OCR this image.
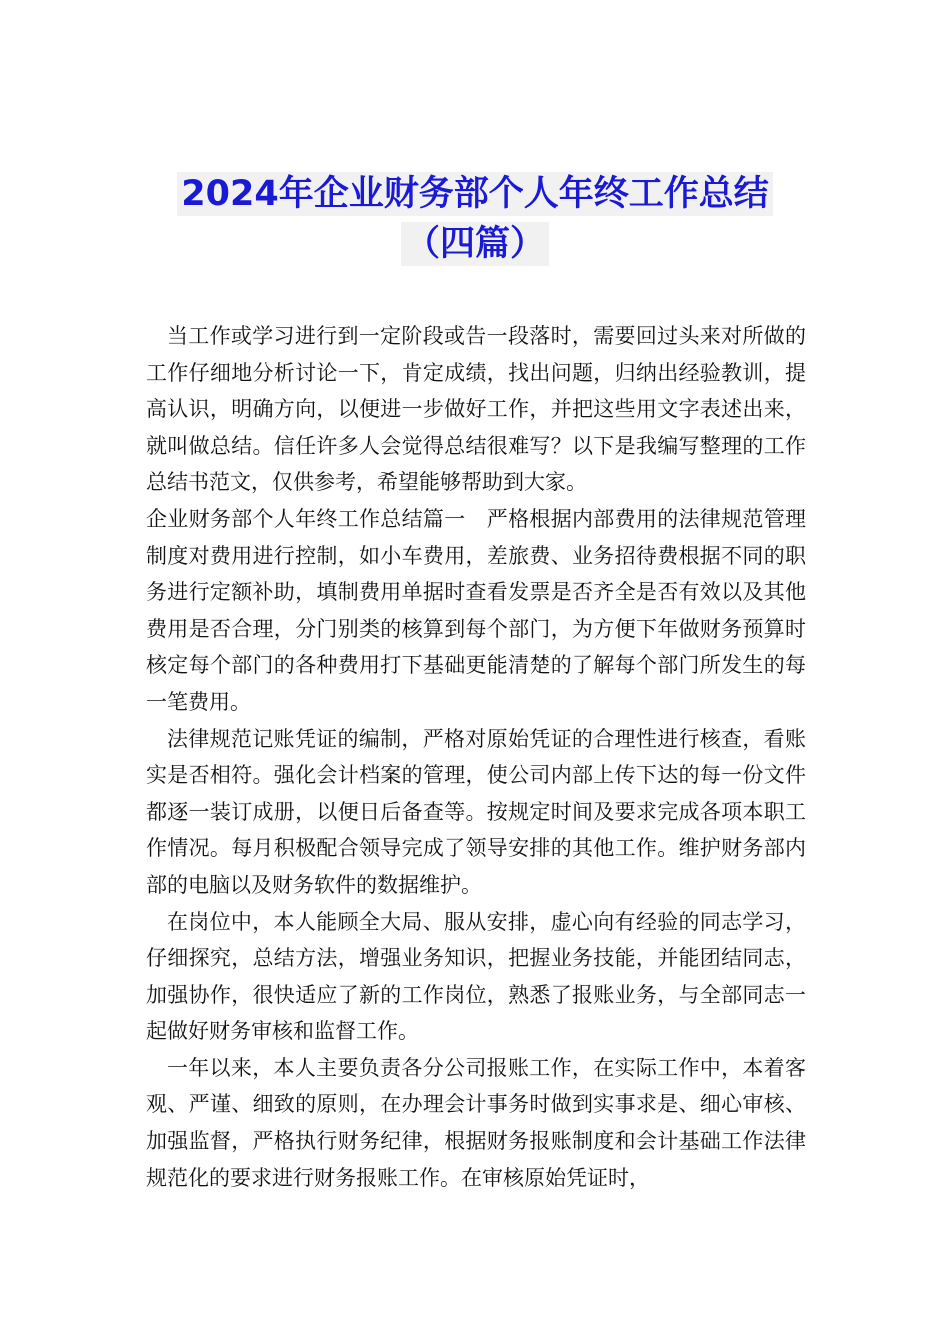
2024年企业财务部个人年终工作总结
（四篇）

当工作或学习进行到一定阶段或告一段落时，需要回过头来对所做的工作仔细地分析讨论一下，肯定成绩，找出问题，归纳出经验教训，提高认识，明确方向，以便进一步做好工作，并把这些用文字表述出来，就叫做总结。信任许多人会觉得总结很难写？以下是我编写整理的工作总结书范文，仅供参考，希望能够帮助到大家。

企业财务部个人年终工作总结篇一　严格根据内部费用的法律规范管理制度对费用进行控制，如小车费用，差旅费、业务招待费根据不同的职务进行定额补助，填制费用单据时查看发票是否齐全是否有效以及其他费用是否合理，分门别类的核算到每个部门，为方便下年做财务预算时核定每个部门的各种费用打下基础更能清楚的了解每个部门所发生的每一笔费用。

法律规范记账凭证的编制，严格对原始凭证的合理性进行核查，看账实是否相符。强化会计档案的管理，使公司内部上传下达的每一份文件都逐一装订成册，以便日后备查等。按规定时间及要求完成各项本职工作情况。每月积极配合领导完成了领导安排的其他工作。维护财务部内部的电脑以及财务软件的数据维护。

在岗位中，本人能顾全大局、服从安排，虚心向有经验的同志学习，仔细探究，总结方法，增强业务知识，把握业务技能，并能团结同志，加强协作，很快适应了新的工作岗位，熟悉了报账业务，与全部同志一起做好财务审核和监督工作。

一年以来，本人主要负责各分公司报账工作，在实际工作中，本着客观、严谨、细致的原则，在办理会计事务时做到实事求是、细心审核、加强监督，严格执行财务纪律，根据财务报账制度和会计基础工作法律规范化的要求进行财务报账工作。在审核原始凭证时，
